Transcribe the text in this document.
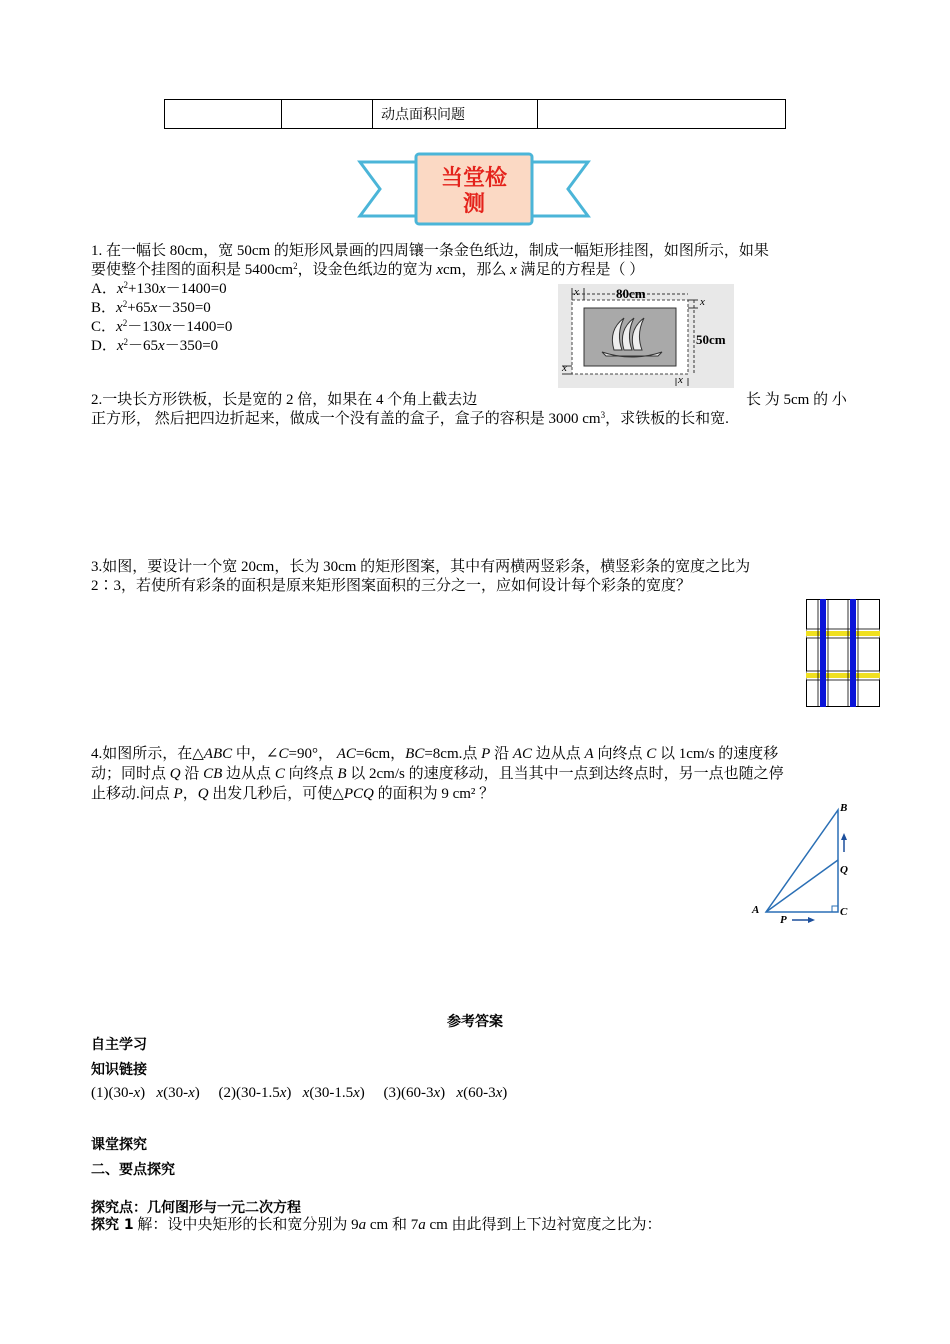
		动点面积问题	
当堂检
测
1. 在一幅长 80cm，宽 50cm 的矩形风景画的四周镶一条金色纸边，制成一幅矩形挂图，如图所示，如果
要使整个挂图的面积是 $5400cm^2$，设金色纸边的宽为 xcm，那么 x 满足的方程是（ ）
A．$x^2+130x-1400=0$
B．$x^2+65x-350=0$
C．$x^2-130x-1400=0$
D．$x^2-65x-350=0$
80cm
50cm
x
x
x
x
2.一块长方形铁板，长是宽的 2 倍，如果在 4 个角上截去边	长 为 5cm 的 小
正方形， 然后把四边折起来，做成一个没有盖的盒子，盒子的容积是 3000 $cm^3$，求铁板的长和宽.
3.如图，要设计一个宽 20cm，长为 30cm 的矩形图案，其中有两横两竖彩条，横竖彩条的宽度之比为
2∶3，若使所有彩条的面积是原来矩形图案面积的三分之一，应如何设计每个彩条的宽度？
4.如图所示，在△ABC 中，∠C=90°， AC=6cm，BC=8cm.点 P 沿 AC 边从点 A 向终点 C 以 1cm/s 的速度移
动；同时点 Q 沿 CB 边从点 C 向终点 B 以 2cm/s 的速度移动，且当其中一点到达终点时，另一点也随之停
止移动.问点 P，Q 出发几秒后，可使△PCQ 的面积为 9 cm² ？
A
B
C
P
Q
参考答案
自主学习
知识链接
(1)(30-x)   x(30-x) (2)(30-1.5x)   x(30-1.5x) (3)(60-3x)   x(60-3x)
课堂探究
二、要点探究
探究点：几何图形与一元二次方程
探究 1 解：设中央矩形的长和宽分别为 9a cm 和 7a cm 由此得到上下边衬宽度之比为：
